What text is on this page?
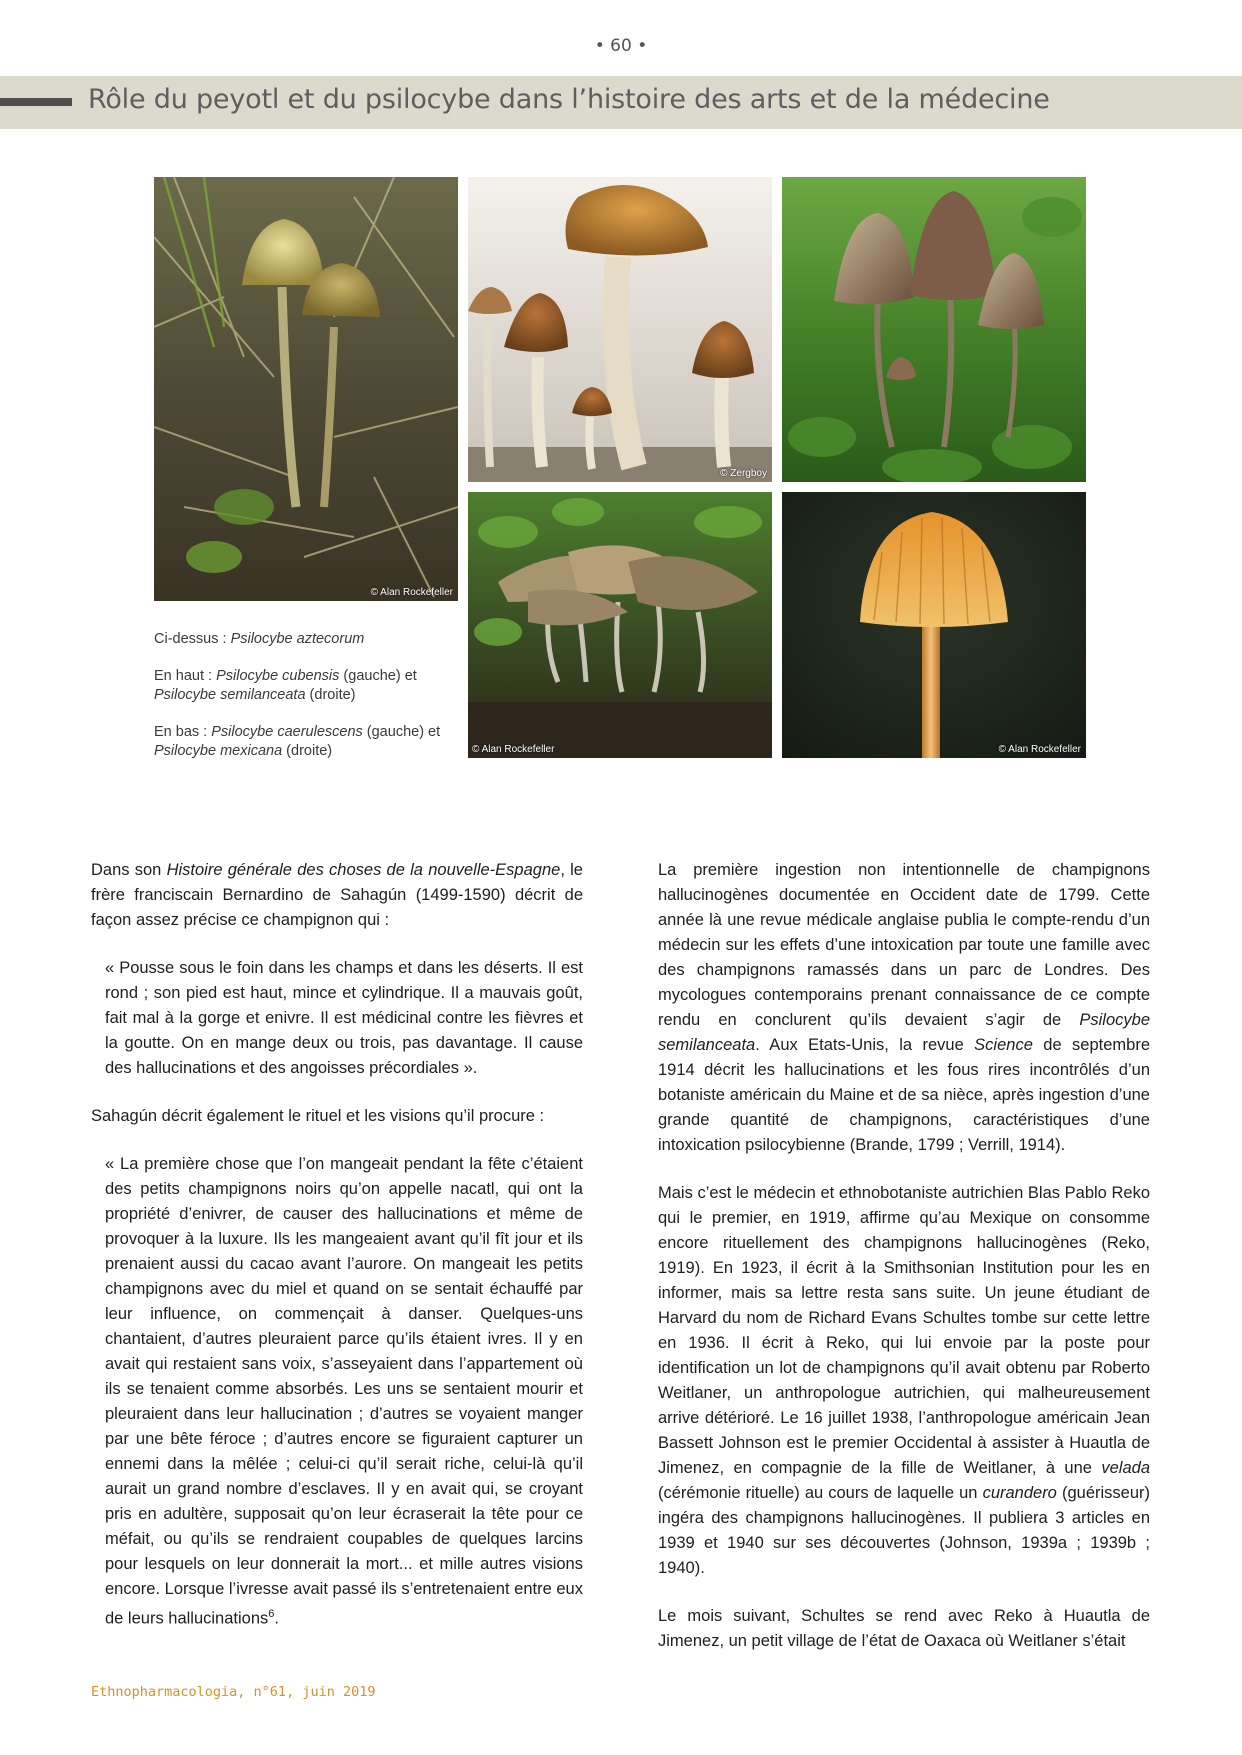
• 60 •
Rôle du peyotl et du psilocybe dans l’histoire des arts et de la médecine
© Alan Rockefeller
© Zergboy
© Alan Rockefeller	© Alan Rockefeller

Ci-dessus : Psilocybe aztecorum

En haut : Psilocybe cubensis (gauche) et Psilocybe semilanceata (droite)

En bas : Psilocybe caerulescens (gauche) et Psilocybe mexicana (droite)

Dans son Histoire générale des choses de la nouvelle-Espagne, le frère franciscain Bernardino de Sahagún (1499-1590) décrit de façon assez précise ce champignon qui :

« Pousse sous le foin dans les champs et dans les déserts. Il est rond ; son pied est haut, mince et cylindrique. Il a mauvais goût, fait mal à la gorge et enivre. Il est médicinal contre les fièvres et la goutte. On en mange deux ou trois, pas davantage. Il cause des hallucinations et des angoisses précordiales ».

Sahagún décrit également le rituel et les visions qu’il procure :

« La première chose que l’on mangeait pendant la fête c’étaient des petits champignons noirs qu’on appelle nacatl, qui ont la propriété d’enivrer, de causer des hallucinations et même de provoquer à la luxure. Ils les mangeaient avant qu’il fît jour et ils prenaient aussi du cacao avant l’aurore. On mangeait les petits champignons avec du miel et quand on se sentait échauffé par leur influence, on commençait à danser. Quelques-uns chantaient, d’autres pleuraient parce qu’ils étaient ivres. Il y en avait qui restaient sans voix, s’asseyaient dans l’appartement où ils se tenaient comme absorbés. Les uns se sentaient mourir et pleuraient dans leur hallucination ; d’autres se voyaient manger par une bête féroce ; d’autres encore se figuraient capturer un ennemi dans la mêlée ; celui-ci qu’il serait riche, celui-là qu’il aurait un grand nombre d’esclaves. Il y en avait qui, se croyant pris en adultère, supposait qu’on leur écraserait la tête pour ce méfait, ou qu’ils se rendraient coupables de quelques larcins pour lesquels on leur donnerait la mort... et mille autres visions encore. Lorsque l’ivresse avait passé ils s’entretenaient entre eux de leurs hallucinations$^6$.

La première ingestion non intentionnelle de champignons hallucinogènes documentée en Occident date de 1799. Cette année là une revue médicale anglaise publia le compte-rendu d’un médecin sur les effets d’une intoxication par toute une famille avec des champignons ramassés dans un parc de Londres. Des mycologues contemporains prenant connaissance de ce compte rendu en conclurent qu’ils devaient s’agir de Psilocybe semilanceata. Aux Etats-Unis, la revue Science de septembre 1914 décrit les hallucinations et les fous rires incontrôlés d’un botaniste américain du Maine et de sa nièce, après ingestion d’une grande quantité de champignons, caractéristiques d’une intoxication psilocybienne (Brande, 1799 ; Verrill, 1914).

Mais c’est le médecin et ethnobotaniste autrichien Blas Pablo Reko qui le premier, en 1919, affirme qu’au Mexique on consomme encore rituellement des champignons hallucinogènes (Reko, 1919). En 1923, il écrit à la Smithsonian Institution pour les en informer, mais sa lettre resta sans suite. Un jeune étudiant de Harvard du nom de Richard Evans Schultes tombe sur cette lettre en 1936. Il écrit à Reko, qui lui envoie par la poste pour identification un lot de champignons qu’il avait obtenu par Roberto Weitlaner, un anthropologue autrichien, qui malheureusement arrive détérioré. Le 16 juillet 1938, l’anthropologue américain Jean Bassett Johnson est le premier Occidental à assister à Huautla de Jimenez, en compagnie de la fille de Weitlaner, à une velada (cérémonie rituelle) au cours de laquelle un curandero (guérisseur) ingéra des champignons hallucinogènes. Il publiera 3 articles en 1939 et 1940 sur ses découvertes (Johnson, 1939a ; 1939b ; 1940).

Le mois suivant, Schultes se rend avec Reko à Huautla de Jimenez, un petit village de l’état de Oaxaca où Weitlaner s’était

Ethnopharmacologia, n°61, juin 2019
